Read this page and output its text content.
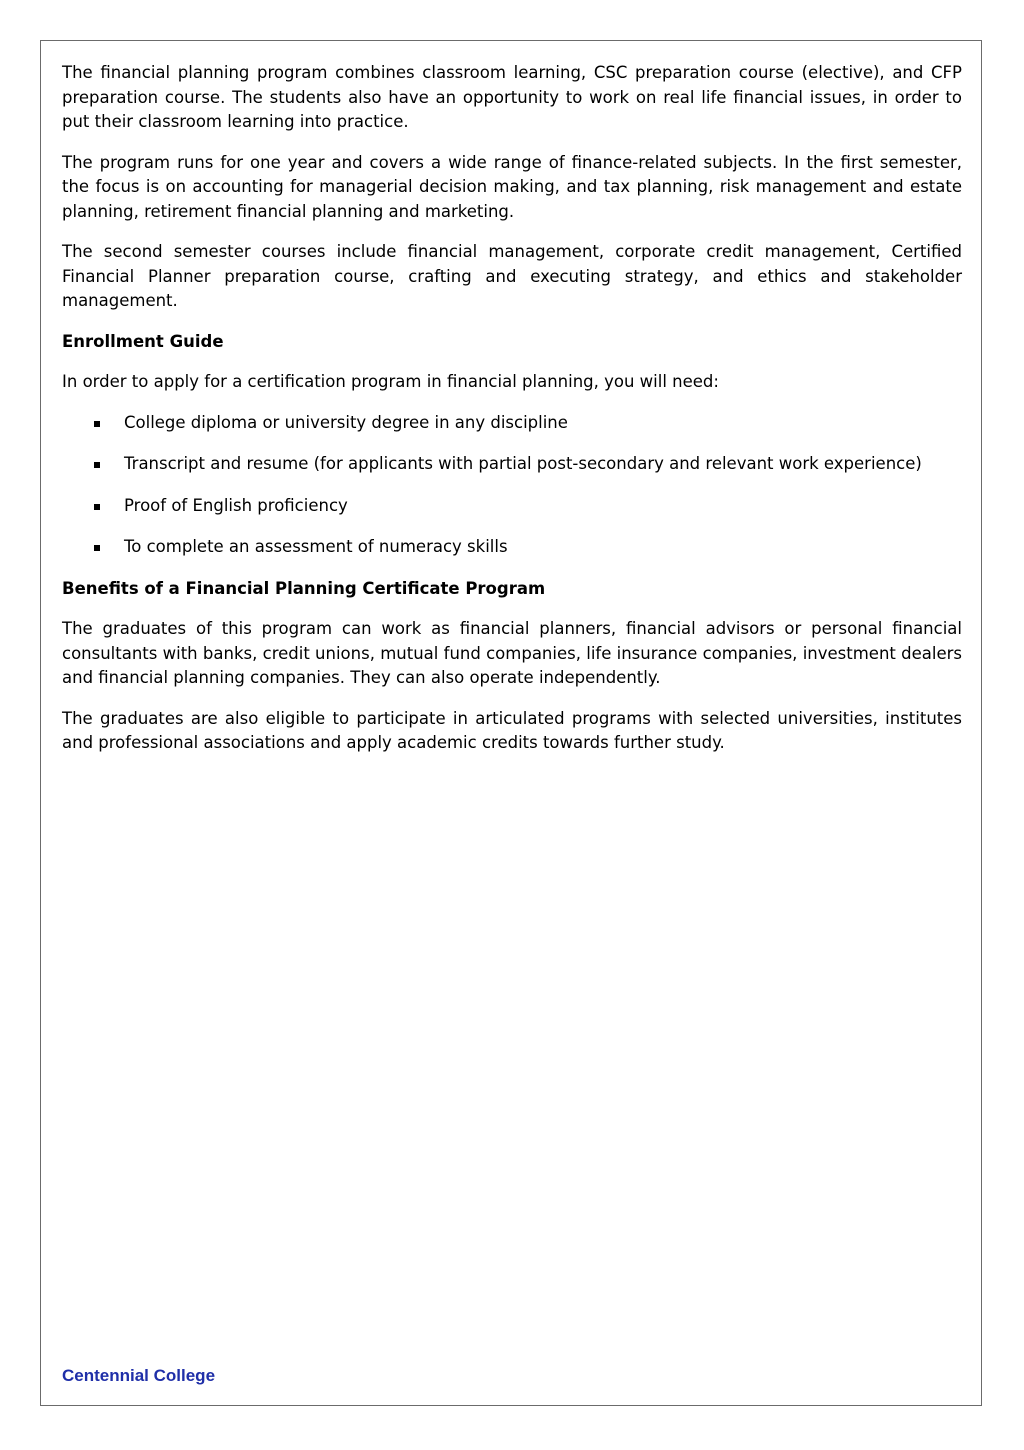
The financial planning program combines classroom learning, CSC preparation course (elective), and CFP preparation course. The students also have an opportunity to work on real life financial issues, in order to put their classroom learning into practice.

The program runs for one year and covers a wide range of finance-related subjects. In the first semester, the focus is on accounting for managerial decision making, and tax planning, risk management and estate planning, retirement financial planning and marketing.

The second semester courses include financial management, corporate credit management, Certified Financial Planner preparation course, crafting and executing strategy, and ethics and stakeholder management.

Enrollment Guide

In order to apply for a certification program in financial planning, you will need:

College diploma or university degree in any discipline
Transcript and resume (for applicants with partial post-secondary and relevant work experience)
Proof of English proficiency
To complete an assessment of numeracy skills
Benefits of a Financial Planning Certificate Program

The graduates of this program can work as financial planners, financial advisors or personal financial consultants with banks, credit unions, mutual fund companies, life insurance companies, investment dealers and financial planning companies. They can also operate independently.

The graduates are also eligible to participate in articulated programs with selected universities, institutes and professional associations and apply academic credits towards further study.

Centennial College
